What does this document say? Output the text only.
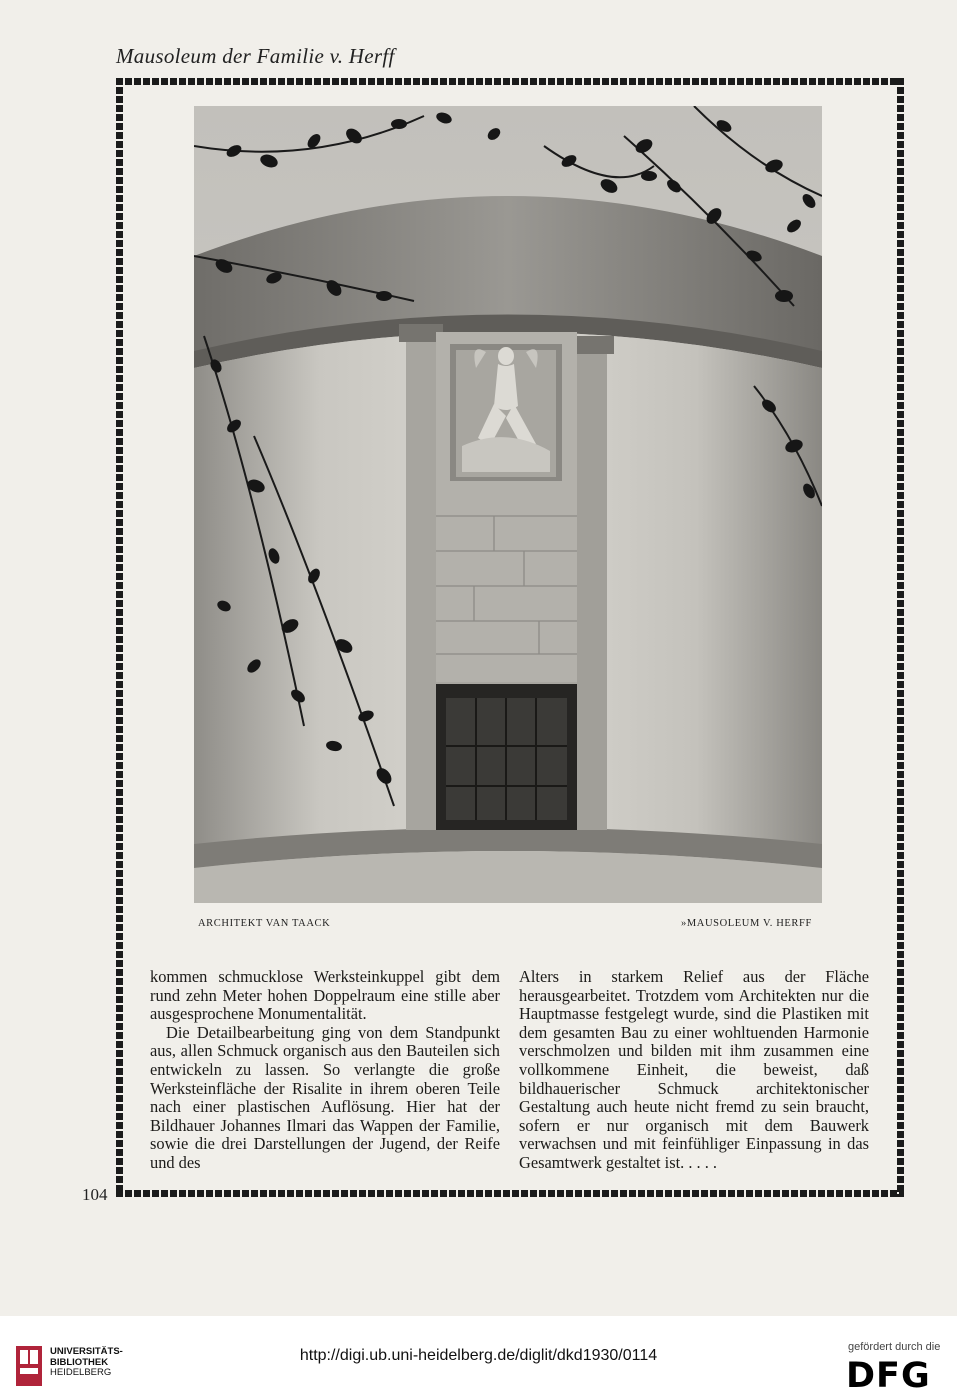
Mausoleum der Familie v. Herff
ARCHITEKT VAN TAACK	»MAUSOLEUM V. HERFF

kommen schmucklose Werksteinkuppel gibt dem rund zehn Meter hohen Doppelraum eine stille aber ausgesprochene Monumentalität.

Die Detailbearbeitung ging von dem Standpunkt aus, allen Schmuck organisch aus den Bauteilen sich entwickeln zu lassen. So verlangte die große Werksteinfläche der Risalite in ihrem oberen Teile nach einer plastischen Auflösung. Hier hat der Bildhauer Johannes Ilmari das Wappen der Familie, sowie die drei Darstellungen der Jugend, der Reife und des

Alters in starkem Relief aus der Fläche herausgearbeitet. Trotzdem vom Architekten nur die Hauptmasse festgelegt wurde, sind die Plastiken mit dem gesamten Bau zu einer wohltuenden Harmonie verschmolzen und bilden mit ihm zusammen eine vollkommene Einheit, die beweist, daß bildhauerischer Schmuck architektonischer Gestaltung auch heute nicht fremd zu sein braucht, sofern er nur organisch mit dem Bauwerk verwachsen und mit feinfühliger Einpassung in das Gesamtwerk gestaltet ist. . . . .

104
UNIVERSITÄTS-
BIBLIOTHEK
HEIDELBERG
http://digi.ub.uni-heidelberg.de/diglit/dkd1930/0114	gefördert durch die
DFG
